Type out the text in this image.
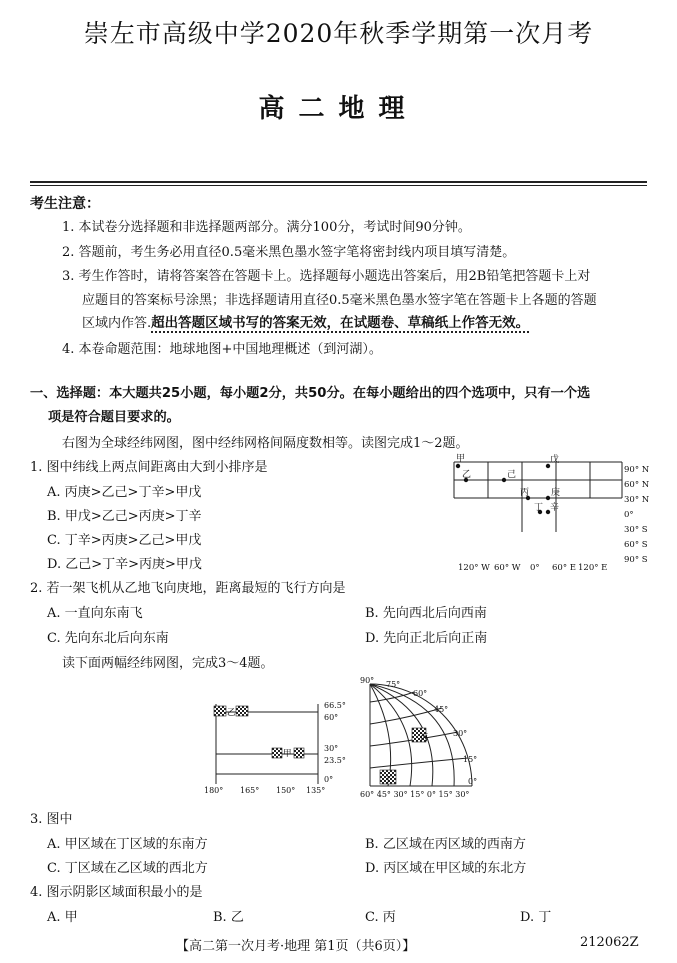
崇左市高级中学2020年秋季学期第一次月考
高二地理
考生注意：
1. 本试卷分选择题和非选择题两部分。满分100分，考试时间90分钟。
2. 答题前，考生务必用直径0.5毫米黑色墨水签字笔将密封线内项目填写清楚。
3. 考生作答时，请将答案答在答题卡上。选择题每小题选出答案后，用2B铅笔把答题卡上对
应题目的答案标号涂黑；非选择题请用直径0.5毫米黑色墨水签字笔在答题卡上各题的答题
区域内作答.超出答题区域书写的答案无效，在试题卷、草稿纸上作答无效。
4. 本卷命题范围：地球地图+中国地理概述（到河湖）。
一、选择题：本大题共25小题，每小题2分，共50分。在每小题给出的四个选项中，只有一个选
项是符合题目要求的。
右图为全球经纬网图，图中经纬网格间隔度数相等。读图完成1～2题。
1. 图中纬线上两点间距离由大到小排序是
A. 丙庚>乙己>丁辛>甲戊
B. 甲戊>乙己>丙庚>丁辛
C. 丁辛>丙庚>乙己>甲戊
D. 乙己>丁辛>丙庚>甲戊
甲
乙
戊
己
丙 庚
丁 辛
90° N
60° N
30° N
0°
30° S
60° S
90° S
120° W 60° W 0° 60° E 120° E
2. 若一架飞机从乙地飞向庚地，距离最短的飞行方向是
A. 一直向东南飞	B. 先向西北后向西南
C. 先向东北后向东南	D. 先向正北后向正南
读下面两幅经纬网图，完成3～4题。
乙
甲
66.5°
60°
30°
23.5°
0°
180° 165° 150° 135°
丙
丁
90° 75°
60°
45°
30°
15°
0°
60° 45° 30° 15° 0° 15° 30°
3. 图中
A. 甲区域在丁区域的东南方	B. 乙区域在丙区域的西南方
C. 丁区域在乙区域的西北方	D. 丙区域在甲区域的东北方
4. 图示阴影区域面积最小的是
A. 甲	B. 乙	C. 丙	D. 丁
【高二第一次月考·地理 第1页（共6页）】	212062Z
